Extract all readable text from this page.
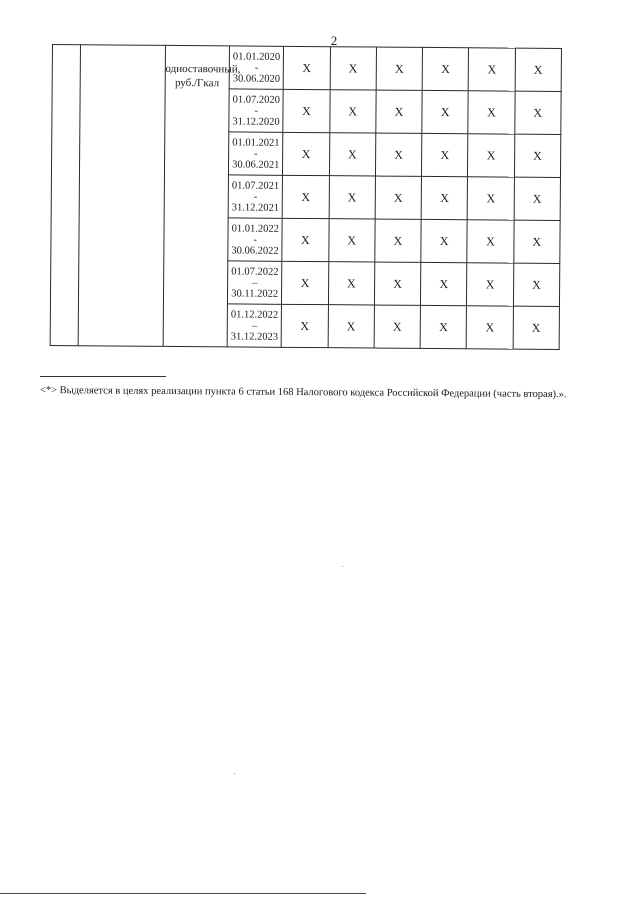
2
		одноставочный, руб./Гкал	01.01.2020
-
30.06.2020	Х	Х	Х	Х	Х	Х

			01.07.2020
-
31.12.2020	Х	Х	Х	Х	Х	Х

			01.01.2021
-
30.06.2021	Х	Х	Х	Х	Х	Х

			01.07.2021
-
31.12.2021	Х	Х	Х	Х	Х	Х

			01.01.2022
-
30.06.2022	Х	Х	Х	Х	Х	Х

			01.07.2022
–
30.11.2022	Х	Х	Х	Х	Х	Х

			01.12.2022
–
31.12.2023	Х	Х	Х	Х	Х	Х
<*> Выделяется в целях реализации пункта 6 статьи 168 Налогового кодекса Российской Федерации (часть вторая).».
